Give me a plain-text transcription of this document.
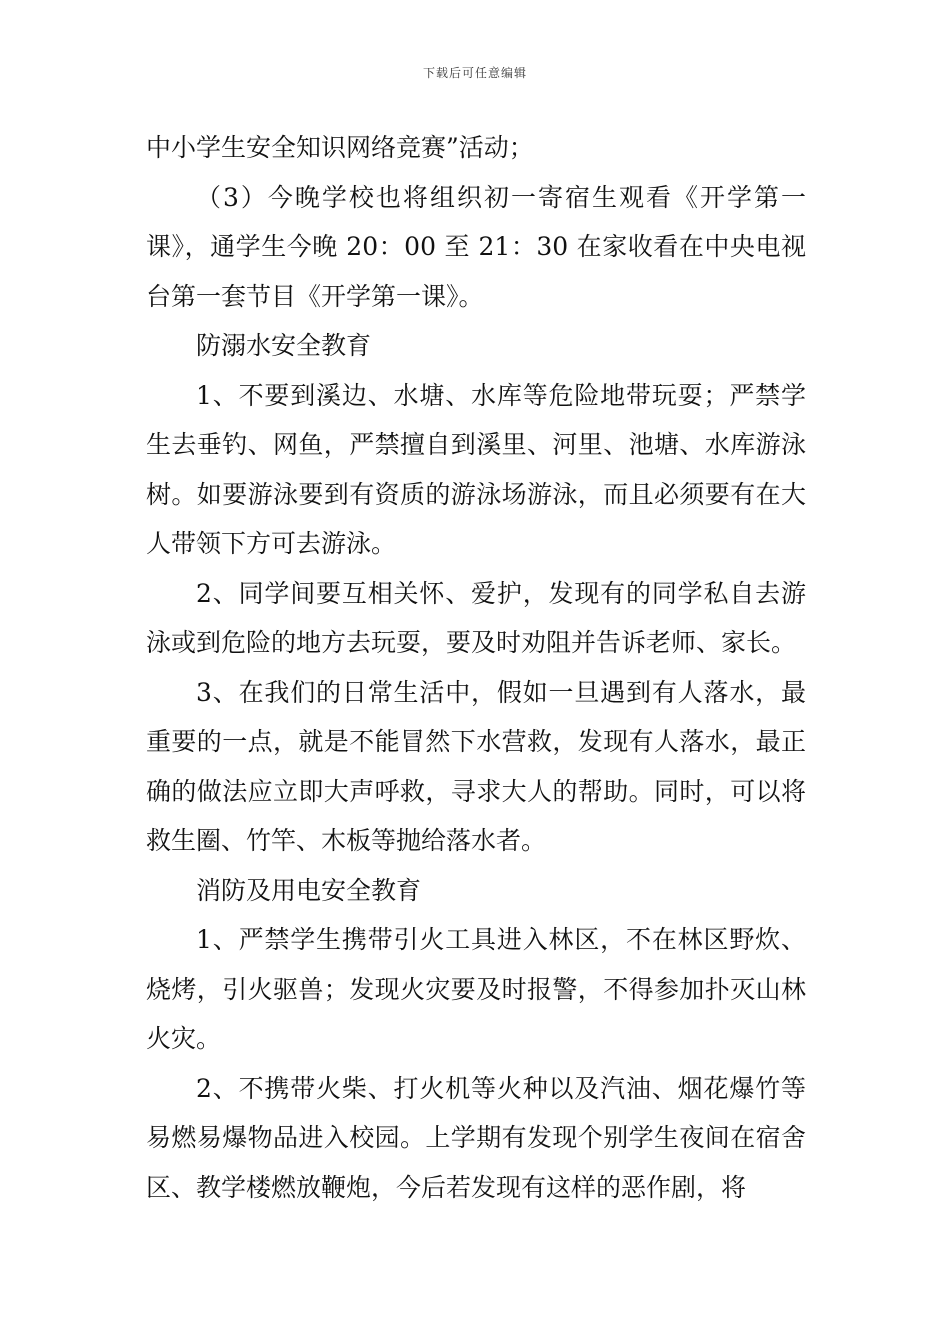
下载后可任意编辑

中小学生安全知识网络竞赛”活动；

（3）今晚学校也将组织初一寄宿生观看《开学第一课》，通学生今晚 20：00 至 21：30 在家收看在中央电视台第一套节目《开学第一课》。

防溺水安全教育

1、不要到溪边、水塘、水库等危险地带玩耍；严禁学生去垂钓、网鱼，严禁擅自到溪里、河里、池塘、水库游泳树。如要游泳要到有资质的游泳场游泳，而且必须要有在大人带领下方可去游泳。

2、同学间要互相关怀、爱护，发现有的同学私自去游泳或到危险的地方去玩耍，要及时劝阻并告诉老师、家长。

3、在我们的日常生活中，假如一旦遇到有人落水，最重要的一点，就是不能冒然下水营救，发现有人落水，最正确的做法应立即大声呼救，寻求大人的帮助。同时，可以将救生圈、竹竿、木板等抛给落水者。

消防及用电安全教育

1、严禁学生携带引火工具进入林区，不在林区野炊、烧烤，引火驱兽；发现火灾要及时报警，不得参加扑灭山林火灾。

2、不携带火柴、打火机等火种以及汽油、烟花爆竹等易燃易爆物品进入校园。上学期有发现个别学生夜间在宿舍区、教学楼燃放鞭炮，今后若发现有这样的恶作剧，将
